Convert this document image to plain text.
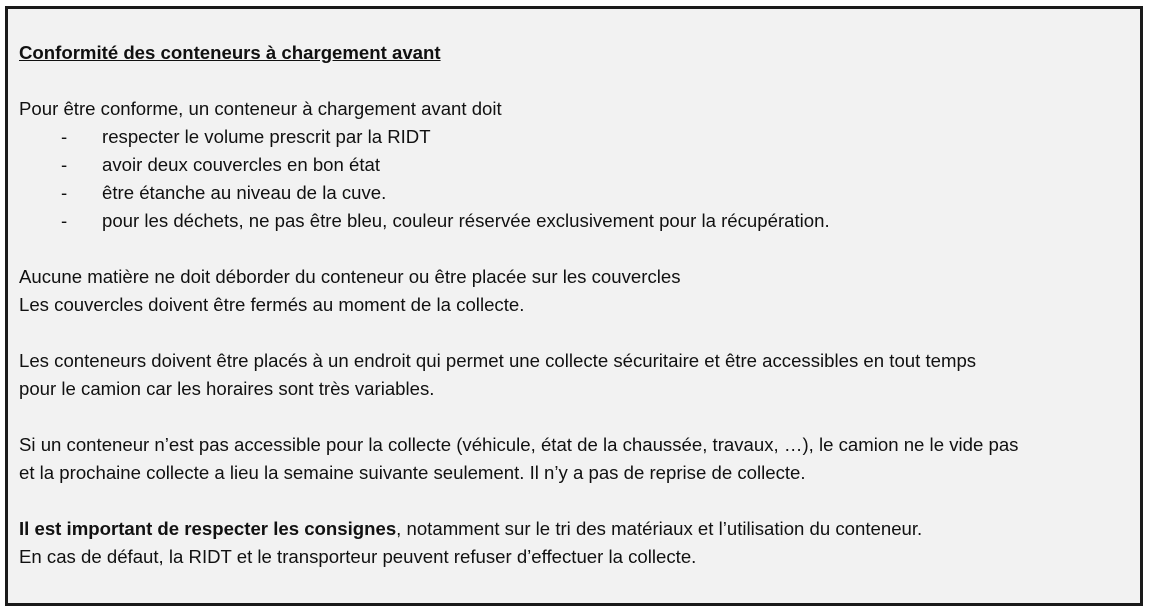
Conformité des conteneurs à chargement avant

Pour être conforme, un conteneur à chargement avant doit

- respecter le volume prescrit par la RIDT
- avoir deux couvercles en bon état
- être étanche au niveau de la cuve.
- pour les déchets, ne pas être bleu, couleur réservée exclusivement pour la récupération.

Aucune matière ne doit déborder du conteneur ou être placée sur les couvercles

Les couvercles doivent être fermés au moment de la collecte.

Les conteneurs doivent être placés à un endroit qui permet une collecte sécuritaire et être accessibles en tout temps

pour le camion car les horaires sont très variables.

Si un conteneur n’est pas accessible pour la collecte (véhicule, état de la chaussée, travaux, …), le camion ne le vide pas

et la prochaine collecte a lieu la semaine suivante seulement. Il n’y a pas de reprise de collecte.

Il est important de respecter les consignes, notamment sur le tri des matériaux et l’utilisation du conteneur.

En cas de défaut, la RIDT et le transporteur peuvent refuser d’effectuer la collecte.
